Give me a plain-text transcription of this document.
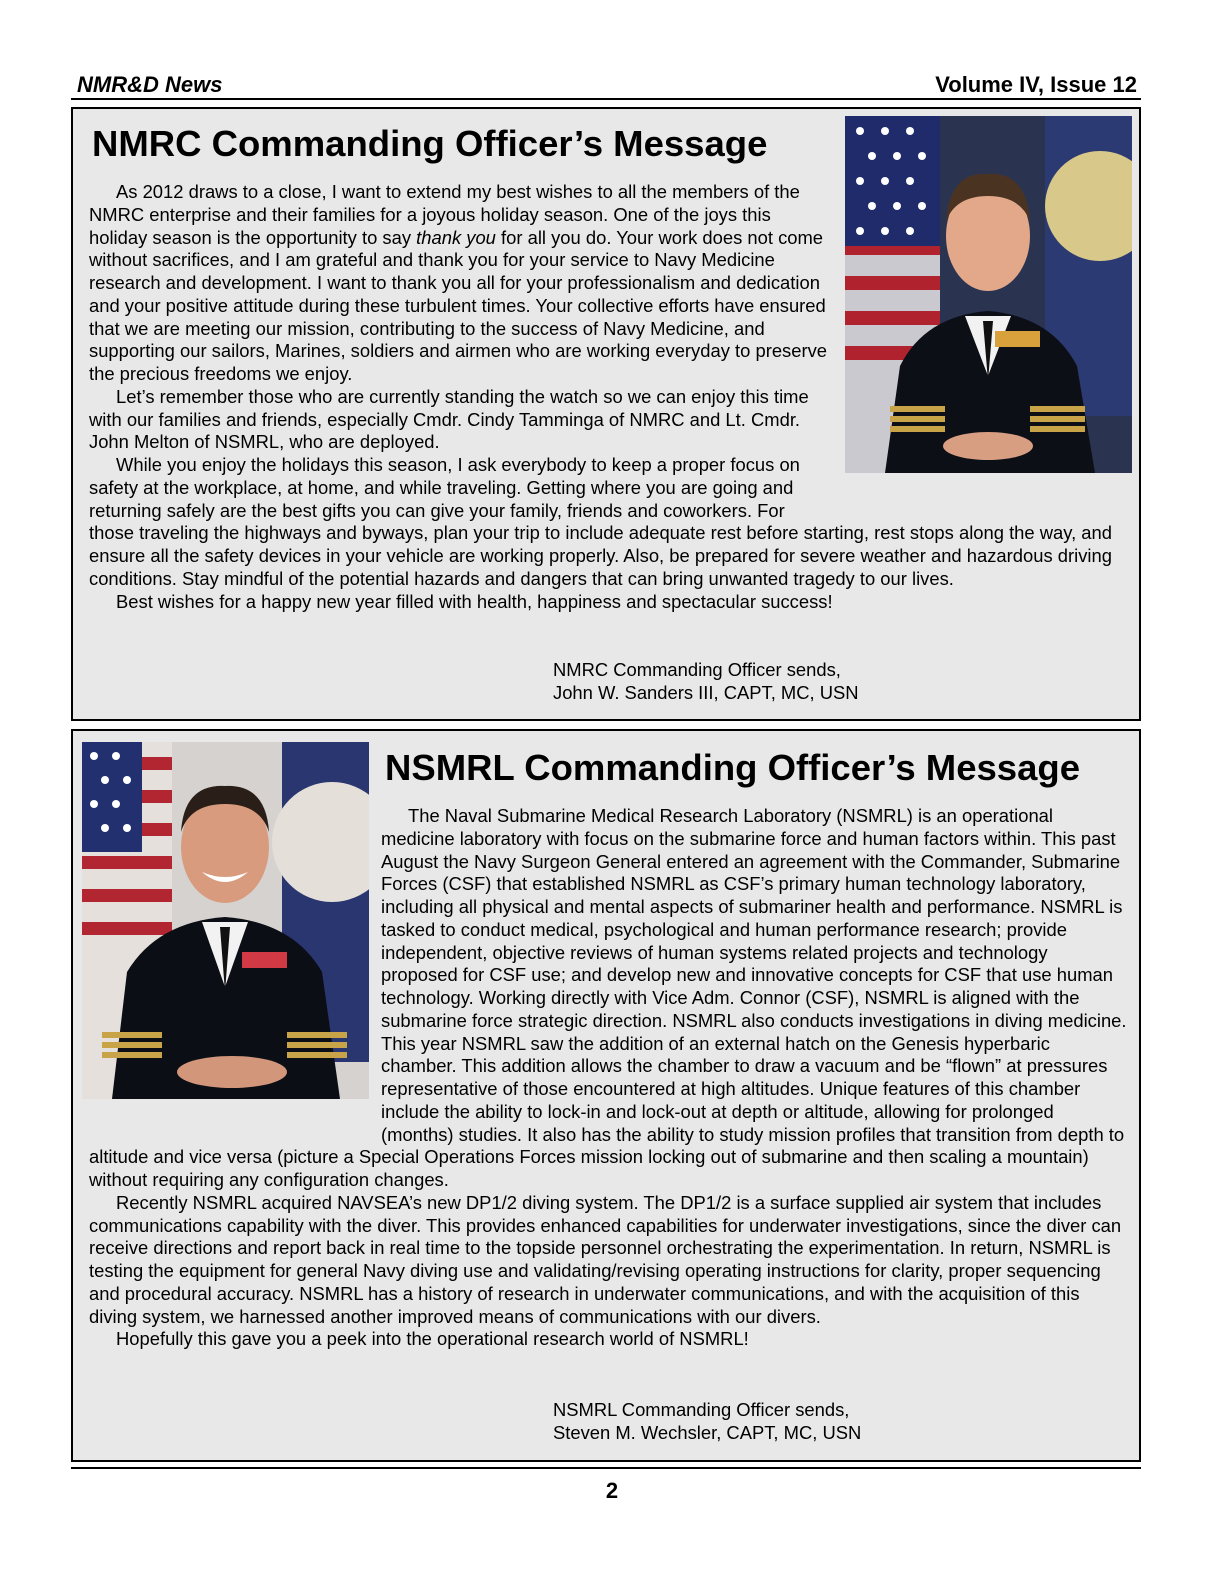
NMR&D News	Volume IV, Issue 12
NMRC Commanding Officer’s Message

As 2012 draws to a close, I want to extend my best wishes to all the members of the NMRC enterprise and their families for a joyous holiday season. One of the joys this holiday season is the opportunity to say thank you for all you do. Your work does not come without sacrifices, and I am grateful and thank you for your service to Navy Medicine research and development. I want to thank you all for your professionalism and dedication and your positive attitude during these turbulent times. Your collective efforts have ensured that we are meeting our mission, contributing to the success of Navy Medicine, and supporting our sailors, Marines, soldiers and airmen who are working everyday to preserve the precious freedoms we enjoy.

Let’s remember those who are currently standing the watch so we can enjoy this time with our families and friends, especially Cmdr. Cindy Tamminga of NMRC and Lt. Cmdr. John Melton of NSMRL, who are deployed.

While you enjoy the holidays this season, I ask everybody to keep a proper focus on safety at the workplace, at home, and while traveling. Getting where you are going and returning safely are the best gifts you can give your family, friends and coworkers. For those traveling the highways and byways, plan your trip to include adequate rest before starting, rest stops along the way, and ensure all the safety devices in your vehicle are working properly. Also, be prepared for severe weather and hazardous driving conditions. Stay mindful of the potential hazards and dangers that can bring unwanted tragedy to our lives.

Best wishes for a happy new year filled with health, happiness and spectacular success!

NMRC Commanding Officer sends,
John W. Sanders III, CAPT, MC, USN
NSMRL Commanding Officer’s Message

The Naval Submarine Medical Research Laboratory (NSMRL) is an operational medicine laboratory with focus on the submarine force and human factors within. This past August the Navy Surgeon General entered an agreement with the Commander, Submarine Forces (CSF) that established NSMRL as CSF’s primary human technology laboratory, including all physical and mental aspects of submariner health and performance. NSMRL is tasked to conduct medical, psychological and human performance research; provide independent, objective reviews of human systems related projects and technology proposed for CSF use; and develop new and innovative concepts for CSF that use human technology. Working directly with Vice Adm. Connor (CSF), NSMRL is aligned with the submarine force strategic direction. NSMRL also conducts investigations in diving medicine. This year NSMRL saw the addition of an external hatch on the Genesis hyperbaric chamber. This addition allows the chamber to draw a vacuum and be “flown” at pressures representative of those encountered at high altitudes. Unique features of this chamber include the ability to lock-in and lock-out at depth or altitude, allowing for prolonged (months) studies. It also has the ability to study mission profiles that transition from depth to altitude and vice versa (picture a Special Operations Forces mission locking out of submarine and then scaling a mountain) without requiring any configuration changes.

Recently NSMRL acquired NAVSEA’s new DP1/2 diving system. The DP1/2 is a surface supplied air system that includes communications capability with the diver. This provides enhanced capabilities for underwater investigations, since the diver can receive directions and report back in real time to the topside personnel orchestrating the experimentation. In return, NSMRL is testing the equipment for general Navy diving use and validating/revising operating instructions for clarity, proper sequencing and procedural accuracy. NSMRL has a history of research in underwater communications, and with the acquisition of this diving system, we harnessed another improved means of communications with our divers.

Hopefully this gave you a peek into the operational research world of NSMRL!

NSMRL Commanding Officer sends,
Steven M. Wechsler, CAPT, MC, USN
2
